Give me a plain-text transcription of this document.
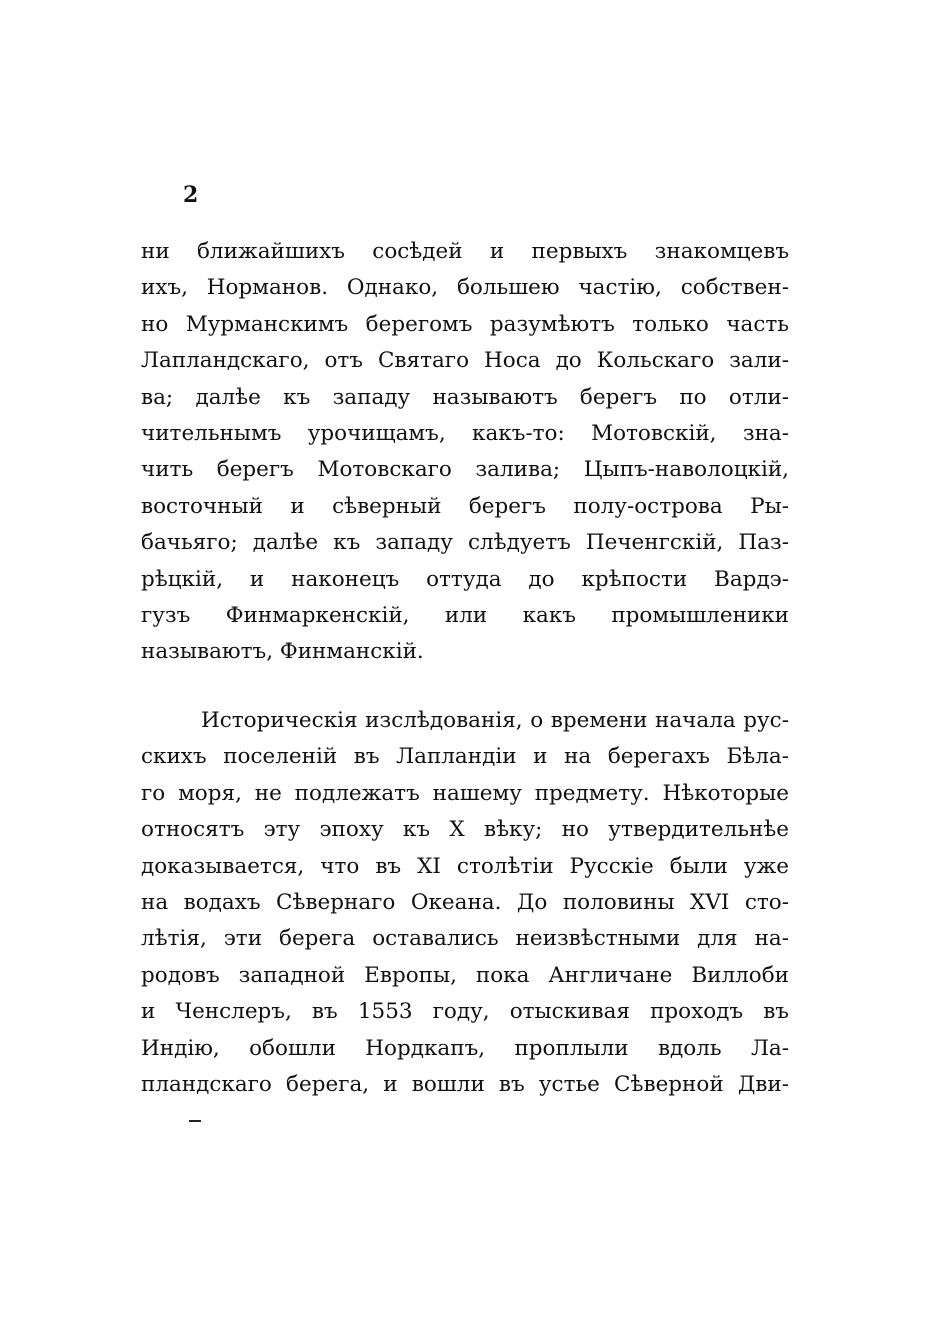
2
ни ближайшихъ сосѣдей и первыхъ знакомцевъ
ихъ, Норманов. Однако, большею частію, собствен-
но Мурманскимъ берегомъ разумѣютъ только часть
Лапландскаго, отъ Святаго Носа до Кольскаго зали-
ва; далѣе къ западу называютъ берегъ по отли-
чительнымъ урочищамъ, какъ-то: Мотовскій, зна-
чить берегъ Мотовскаго залива; Цыпъ-наволоцкій,
восточный и сѣверный берегъ полу-острова Ры-
бачьяго; далѣе къ западу слѣдуетъ Печенгскій, Паз-
рѣцкій, и наконецъ оттуда до крѣпости Вардэ-
гузъ Финмаркенскій, или какъ промышленики
называютъ, Финманскій.
Историческія изслѣдованія, о времени начала рус-
скихъ поселеній въ Лапландіи и на берегахъ Бѣла-
го моря, не подлежатъ нашему предмету. Нѣкоторые
относятъ эту эпоху къ X вѣку; но утвердительнѣе
доказывается, что въ XI столѣтіи Русскіе были уже
на водахъ Сѣвернаго Океана. До половины XVI сто-
лѣтія, эти берега оставались неизвѣстными для на-
родовъ западной Европы, пока Англичане Виллоби
и Ченслеръ, въ 1553 году, отыскивая проходъ въ
Индію, обошли Нордкапъ, проплыли вдоль Ла-
пландскаго берега, и вошли въ устье Сѣверной Дви-
